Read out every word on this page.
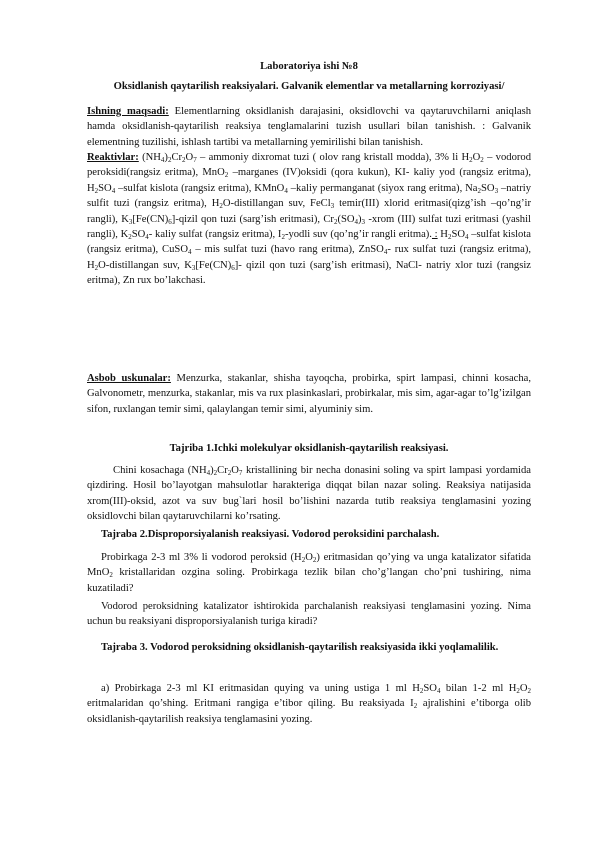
Laboratoriya ishi №8

Oksidlanish qaytarilish reaksiyalari. Galvanik elementlar va metallarning korroziyasi/

Ishning maqsadi: Elementlarning oksidlanish darajasini, oksidlovchi va qaytaruvchilarni aniqlash hamda oksidlanish-qaytarilish reaksiya tenglamalarini tuzish usullari bilan tanishish. : Galvanik elementning tuzilishi, ishlash tartibi va metallarning yemirilishi bilan tanishish.

Reaktivlar: $(NH_4)_2Cr_2O_7$ – ammoniy dixromat tuzi ( olov rang kristall modda), 3% li $H_2O_2$ – vodorod peroksidi(rangsiz eritma), MnO$_2$ –marganes (IV)oksidi (qora kukun), KI- kaliy yod (rangsiz eritma), $H_2SO_4$ –sulfat kislota (rangsiz eritma), KMnO$_4$ –kaliy permanganat (siyox rang eritma), $Na_2SO_3$ –natriy sulfit tuzi (rangsiz eritma), $H_2O$-distillangan suv, FeCl$_3$ temir(III) xlorid eritmasi(qizg’ish –qo’ng’ir rangli), $K_3[Fe(CN)_6]$-qizil qon tuzi (sarg’ish eritmasi), $Cr_2(SO_4)_3$ -xrom (III) sulfat tuzi eritmasi (yashil rangli), $K_2SO_4-$ kaliy sulfat (rangsiz eritma), $I_2$-yodli suv (qo’ng’ir rangli eritma). : $H_2SO_4$ –sulfat kislota (rangsiz eritma), CuSO$_4$ – mis sulfat tuzi (havo rang eritma), ZnSO$_4$- rux sulfat tuzi (rangsiz eritma), $H_2O$-distillangan suv, $K_3[Fe(CN)_6]-$ qizil qon tuzi (sarg’ish eritmasi), NaCl- natriy xlor tuzi (rangsiz eritma), Zn rux bo’lakchasi.

Asbob uskunalar: Menzurka, stakanlar, shisha tayoqcha, probirka, spirt lampasi, chinni kosacha, Galvonometr, menzurka, stakanlar, mis va rux plasinkaslari, probirkalar, mis sim, agar-agar to’lg’izilgan sifon, ruxlangan temir simi, qalaylangan temir simi, alyuminiy sim.

Tajriba 1.Ichki molekulyar oksidlanish-qaytarilish reaksiyasi.

Chini kosachaga $(NH_4)_2Cr_2O_7$ kristallining bir necha donasini soling va spirt lampasi yordamida qizdiring. Hosil bo’layotgan mahsulotlar harakteriga diqqat bilan nazar soling. Reaksiya natijasida xrom(III)-oksid, azot va suv bug`lari hosil bo’lishini nazarda tutib reaksiya tenglamasini yozing oksidlovchi bilan qaytaruvchilarni ko’rsating.

Tajraba 2.Disproporsiyalanish reaksiyasi. Vodorod peroksidini parchalash.

Probirkaga 2-3 ml 3% li vodorod peroksid $(H_2O_2)$ eritmasidan qo’ying va unga katalizator sifatida MnO$_2$ kristallaridan ozgina soling. Probirkaga tezlik bilan cho’g’langan cho’pni tushiring, nima kuzatiladi?

Vodorod peroksidning katalizator ishtirokida parchalanish reaksiyasi tenglamasini yozing. Nima uchun bu reaksiyani disproporsiyalanish turiga kiradi?

Tajraba 3. Vodorod peroksidning oksidlanish-qaytarilish reaksiyasida ikki yoqlamalilik.

a) Probirkaga 2-3 ml KI eritmasidan quying va uning ustiga 1 ml $H_2SO_4$ bilan 1-2 ml $H_2O_2$ eritmalaridan qo’shing. Eritmani rangiga e’tibor qiling. Bu reaksiyada $I_2$ ajralishini e’tiborga olib oksidlanish-qaytarilish reaksiya tenglamasini yozing.
